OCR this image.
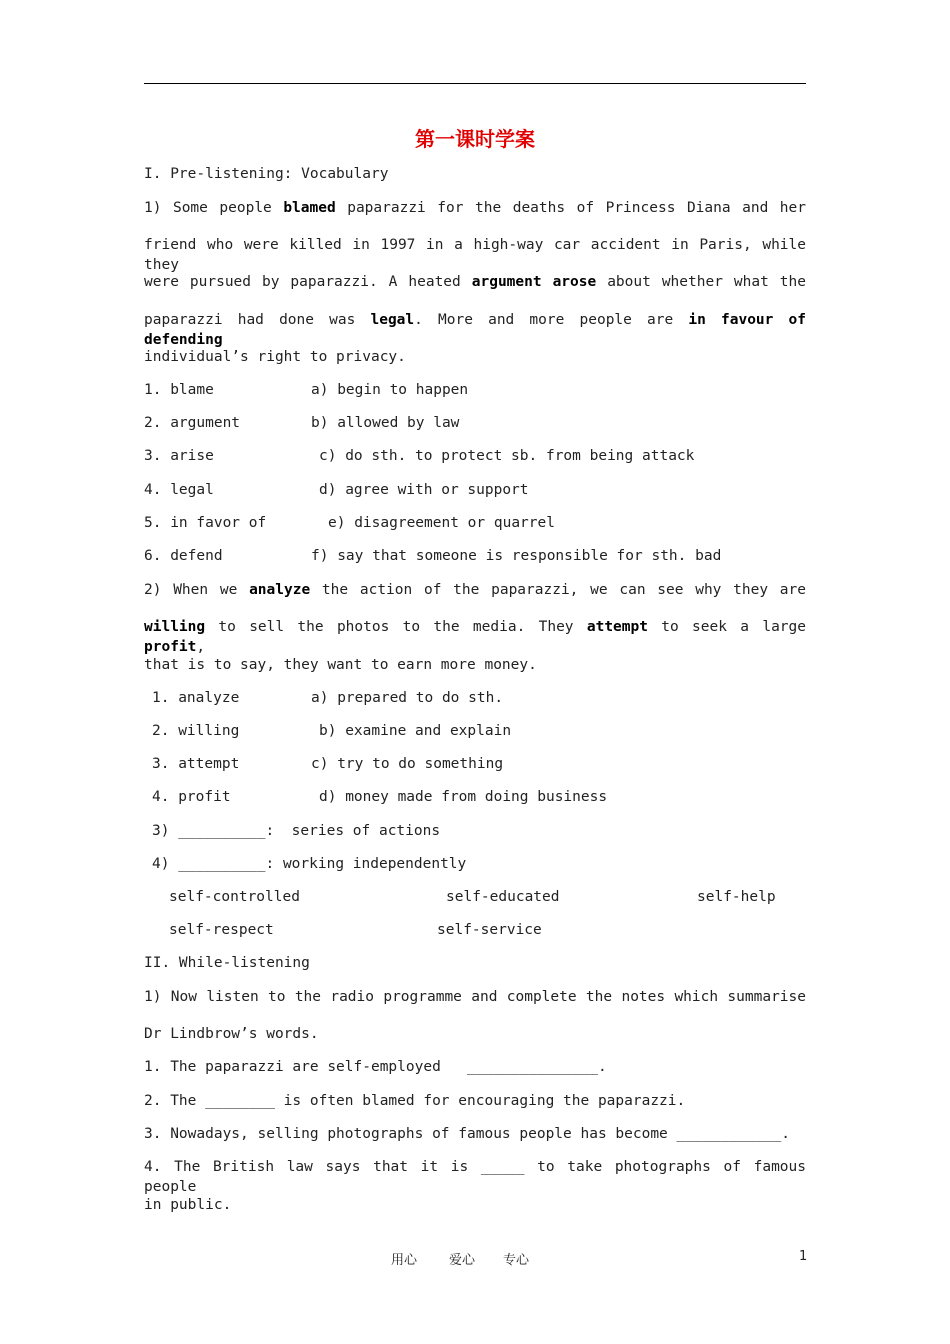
第一课时学案
I. Pre-listening: Vocabulary
1) Some people blamed paparazzi for the deaths of Princess Diana and her
friend who were killed in 1997 in a high-way car accident in Paris, while they
were pursued by paparazzi. A heated argument arose about whether what the
paparazzi had done was legal. More and more people are in favour of defending
individual’s right to privacy.
1. blame	a) begin to happen
2. argument	b) allowed by law
3. arise	c) do sth. to protect sb. from being attack
4. legal	d) agree with or support
5. in favor of	e) disagreement or quarrel
6. defend	f) say that someone is responsible for sth. bad
2) When we analyze the action of the paparazzi, we can see why they are
willing to sell the photos to the media. They attempt to seek a large profit,
that is to say, they want to earn more money.
1. analyze	a) prepared to do sth.
2. willing	b) examine and explain
3. attempt	c) try to do something
4. profit	d) money made from doing business
3) __________:  series of actions
4) __________: working independently
self-controlled	self-educated	self-help
self-respect	self-service
II. While-listening
1) Now listen to the radio programme and complete the notes which summarise
Dr Lindbrow’s words.
1. The paparazzi are self-employed   _______________.
2. The ________ is often blamed for encouraging the paparazzi.
3. Nowadays, selling photographs of famous people has become ____________.
4. The British law says that it is _____ to take photographs of famous people
in public.
用心 爱心 专心	1
